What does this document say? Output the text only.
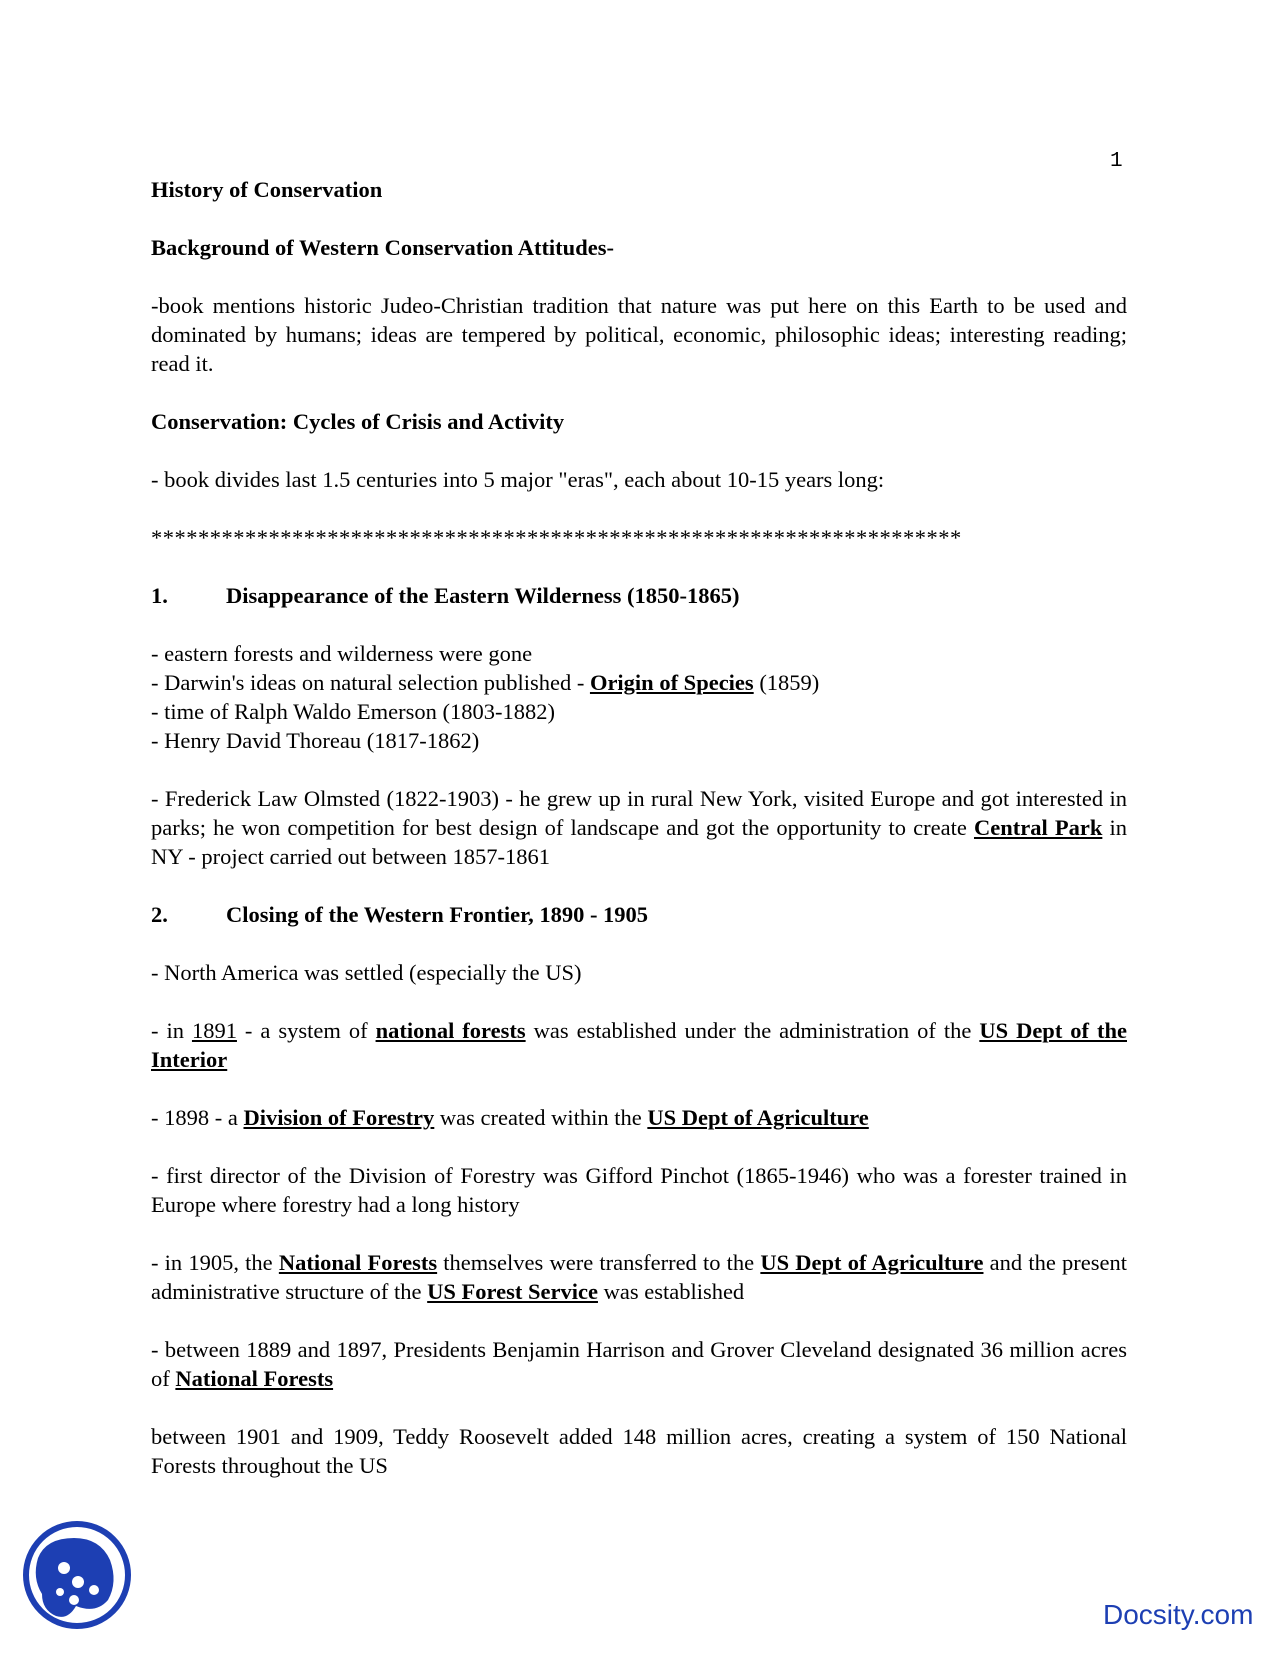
1

History of Conservation

Background of Western Conservation Attitudes-

-book mentions historic Judeo-Christian tradition that nature was put here on this Earth to be used and dominated by humans; ideas are tempered by political, economic, philosophic ideas; interesting reading; read it.

Conservation: Cycles of Crisis and Activity

- book divides last 1.5 centuries into 5 major "eras", each about 10-15 years long:

*********************************************************************

1.	Disappearance of the Eastern Wilderness (1850-1865)

- eastern forests and wilderness were gone

- Darwin's ideas on natural selection published - Origin of Species (1859)

- time of Ralph Waldo Emerson (1803-1882)

- Henry David Thoreau (1817-1862)

- Frederick Law Olmsted (1822-1903) - he grew up in rural New York, visited Europe and got interested in parks; he won competition for best design of landscape and got the opportunity to create Central Park in NY - project carried out between 1857-1861

2.	Closing of the Western Frontier, 1890 - 1905

- North America was settled (especially the US)

- in 1891 - a system of national forests was established under the administration of the US Dept of the Interior

- 1898 - a Division of Forestry was created within the US Dept of Agriculture

- first director of the Division of Forestry was Gifford Pinchot (1865-1946) who was a forester trained in Europe where forestry had a long history

- in 1905, the National Forests themselves were transferred to the US Dept of Agriculture and the present administrative structure of the US Forest Service was established

- between 1889 and 1897, Presidents Benjamin Harrison and Grover Cleveland designated 36 million acres of National Forests

between 1901 and 1909, Teddy Roosevelt added 148 million acres, creating a system of 150 National Forests throughout the US

Docsity.com
